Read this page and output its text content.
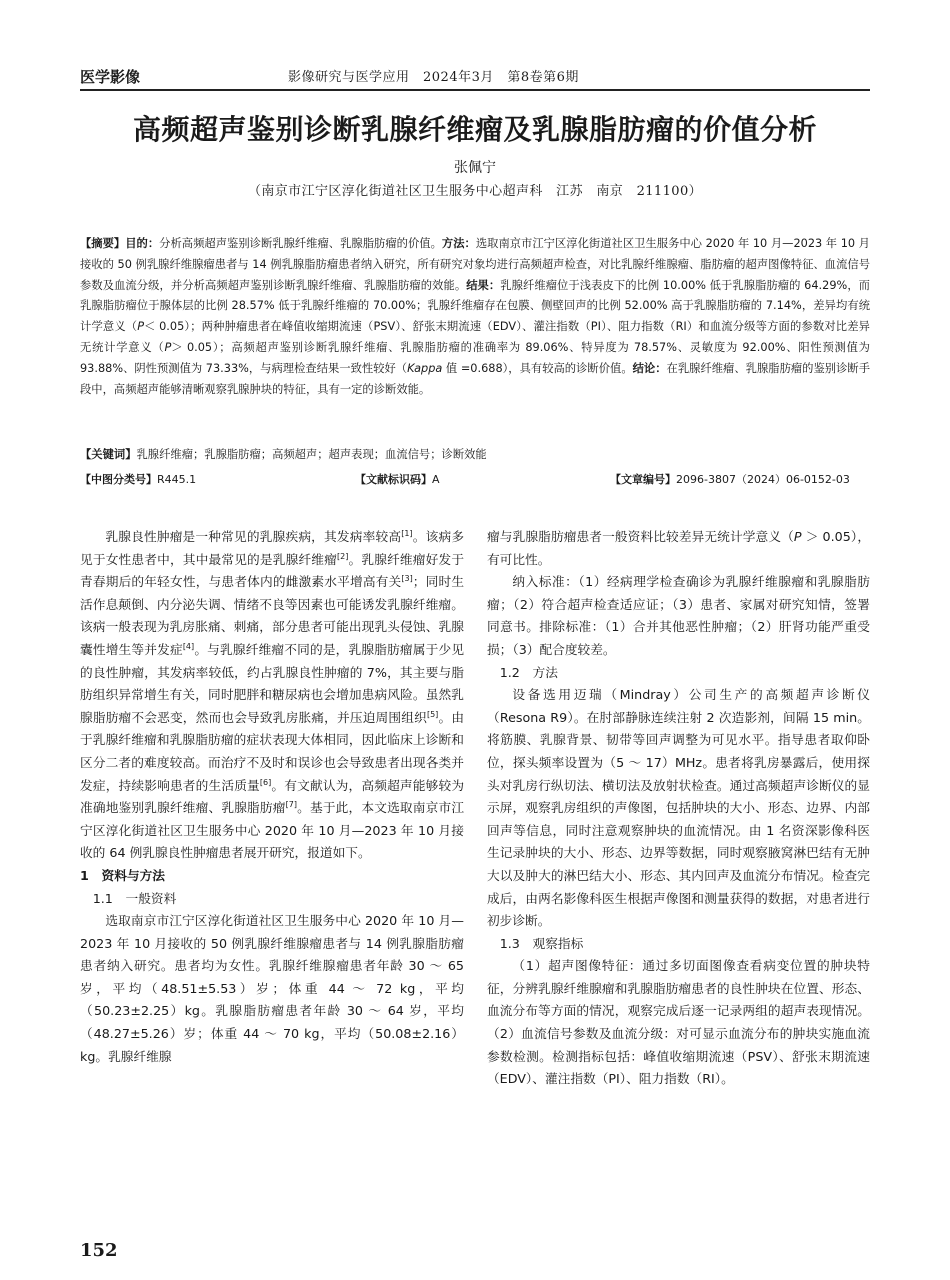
医学影像	影像研究与医学应用　2024年3月　第8卷第6期
高频超声鉴别诊断乳腺纤维瘤及乳腺脂肪瘤的价值分析
张佩宁
（南京市江宁区淳化街道社区卫生服务中心超声科　江苏　南京　211100）
【摘要】目的：分析高频超声鉴别诊断乳腺纤维瘤、乳腺脂肪瘤的价值。方法：选取南京市江宁区淳化街道社区卫生服务中心 2020 年 10 月—2023 年 10 月接收的 50 例乳腺纤维腺瘤患者与 14 例乳腺脂肪瘤患者纳入研究，所有研究对象均进行高频超声检查，对比乳腺纤维腺瘤、脂肪瘤的超声图像特征、血流信号参数及血流分级，并分析高频超声鉴别诊断乳腺纤维瘤、乳腺脂肪瘤的效能。结果：乳腺纤维瘤位于浅表皮下的比例 10.00% 低于乳腺脂肪瘤的 64.29%，而乳腺脂肪瘤位于腺体层的比例 28.57% 低于乳腺纤维瘤的 70.00%；乳腺纤维瘤存在包膜、侧壁回声的比例 52.00% 高于乳腺脂肪瘤的 7.14%，差异均有统计学意义（P＜ 0.05）；两种肿瘤患者在峰值收缩期流速（PSV）、舒张末期流速（EDV）、灌注指数（PI）、阻力指数（RI）和血流分级等方面的参数对比差异无统计学意义（P＞ 0.05）；高频超声鉴别诊断乳腺纤维瘤、乳腺脂肪瘤的准确率为 89.06%、特异度为 78.57%、灵敏度为 92.00%、阳性预测值为 93.88%、阴性预测值为 73.33%，与病理检查结果一致性较好（Kappa 值 =0.688），具有较高的诊断价值。结论：在乳腺纤维瘤、乳腺脂肪瘤的鉴别诊断手段中，高频超声能够清晰观察乳腺肿块的特征，具有一定的诊断效能。
【关键词】乳腺纤维瘤；乳腺脂肪瘤；高频超声；超声表现；血流信号；诊断效能
【中图分类号】R445.1	【文献标识码】A	【文章编号】2096-3807（2024）06-0152-03

乳腺良性肿瘤是一种常见的乳腺疾病，其发病率较高[1]。该病多见于女性患者中，其中最常见的是乳腺纤维瘤[2]。乳腺纤维瘤好发于青春期后的年轻女性，与患者体内的雌激素水平增高有关[3]；同时生活作息颠倒、内分泌失调、情绪不良等因素也可能诱发乳腺纤维瘤。该病一般表现为乳房胀痛、刺痛，部分患者可能出现乳头侵蚀、乳腺囊性增生等并发症[4]。与乳腺纤维瘤不同的是，乳腺脂肪瘤属于少见的良性肿瘤，其发病率较低，约占乳腺良性肿瘤的 7%，其主要与脂肪组织异常增生有关，同时肥胖和糖尿病也会增加患病风险。虽然乳腺脂肪瘤不会恶变，然而也会导致乳房胀痛，并压迫周围组织[5]。由于乳腺纤维瘤和乳腺脂肪瘤的症状表现大体相同，因此临床上诊断和区分二者的难度较高。而治疗不及时和误诊也会导致患者出现各类并发症，持续影响患者的生活质量[6]。有文献认为，高频超声能够较为准确地鉴别乳腺纤维瘤、乳腺脂肪瘤[7]。基于此，本文选取南京市江宁区淳化街道社区卫生服务中心 2020 年 10 月—2023 年 10 月接收的 64 例乳腺良性肿瘤患者展开研究，报道如下。

1　资料与方法

1.1　一般资料

选取南京市江宁区淳化街道社区卫生服务中心 2020 年 10 月—2023 年 10 月接收的 50 例乳腺纤维腺瘤患者与 14 例乳腺脂肪瘤患者纳入研究。患者均为女性。乳腺纤维腺瘤患者年龄 30 ～ 65 岁，平均（48.51±5.53）岁；体重 44 ～ 72 kg，平均（50.23±2.25）kg。乳腺脂肪瘤患者年龄 30 ～ 64 岁，平均（48.27±5.26）岁；体重 44 ～ 70 kg，平均（50.08±2.16）kg。乳腺纤维腺

瘤与乳腺脂肪瘤患者一般资料比较差异无统计学意义（P ＞ 0.05），有可比性。

纳入标准：（1）经病理学检查确诊为乳腺纤维腺瘤和乳腺脂肪瘤；（2）符合超声检查适应证；（3）患者、家属对研究知情，签署同意书。排除标准：（1）合并其他恶性肿瘤；（2）肝肾功能严重受损；（3）配合度较差。

1.2　方法

设备选用迈瑞（Mindray）公司生产的高频超声诊断仪（Resona R9）。在肘部静脉连续注射 2 次造影剂，间隔 15 min。将筋膜、乳腺背景、韧带等回声调整为可见水平。指导患者取仰卧位，探头频率设置为（5 ～ 17）MHz。患者将乳房暴露后，使用探头对乳房行纵切法、横切法及放射状检查。通过高频超声诊断仪的显示屏，观察乳房组织的声像图，包括肿块的大小、形态、边界、内部回声等信息，同时注意观察肿块的血流情况。由 1 名资深影像科医生记录肿块的大小、形态、边界等数据，同时观察腋窝淋巴结有无肿大以及肿大的淋巴结大小、形态、其内回声及血流分布情况。检查完成后，由两名影像科医生根据声像图和测量获得的数据，对患者进行初步诊断。

1.3　观察指标

（1）超声图像特征：通过多切面图像查看病变位置的肿块特征，分辨乳腺纤维腺瘤和乳腺脂肪瘤患者的良性肿块在位置、形态、血流分布等方面的情况，观察完成后逐一记录两组的超声表现情况。（2）血流信号参数及血流分级：对可显示血流分布的肿块实施血流参数检测。检测指标包括：峰值收缩期流速（PSV）、舒张末期流速（EDV）、灌注指数（PI）、阻力指数（RI）。

152
